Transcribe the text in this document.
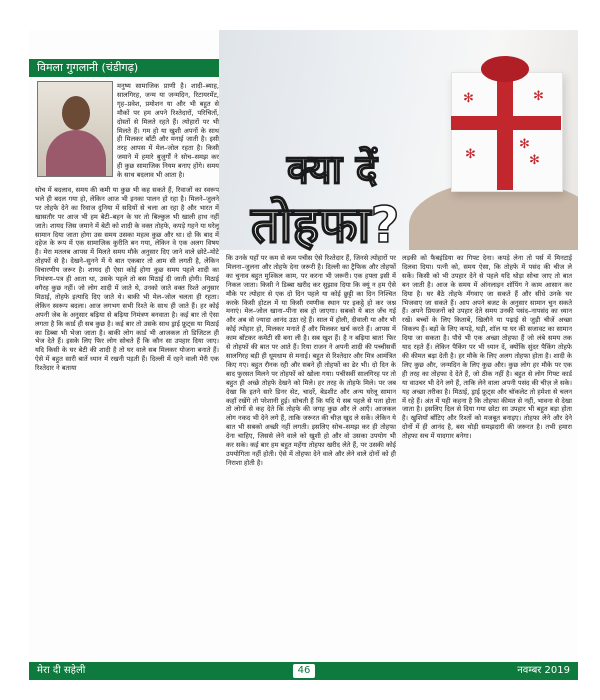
✻	✻
✻	✻
✻
क्या दें
तोहफा?
विमला गुगलानी (चंडीगढ़)

मनुष्य सामाजिक प्राणी है। शादी–ब्याह, सालगिरह, जन्म या जन्मदिन, रिटायरमेंट, गृह–प्रवेश, प्रमोशन या और भी बहुत से मौकों पर हम अपने रिश्तेदारों, परिचितों, दोस्तों से मिलते रहते हैं। त्योहारों पर भी मिलते हैं। गम हो या खुशी अपनों के साथ ही मिलकर बाँटी और मनाई जाती है। इसी तरह आपस में मेल–जोल रहता है। किसी जमाने में हमारे बुजुर्गों ने सोच–समझ कर ही कुछ सामाजिक नियम बनाए होंगे। समय के साथ बदलाव भी आता है।

सोच में बदलाव, समय की कमी या कुछ भी कह सकते हैं, रिवाजों का स्वरूप भले ही बदल गया हो, लेकिन आज भी इनका पालन हो रहा है। मिलने–जुलने पर तोहफे देने का रिवाज दुनिया में सदियों से चला आ रहा है और भारत में खासतौर पर आज भी हम बेटी–बहन के घर तो बिल्कुल भी खाली हाथ नहीं जाते। शायद जिस जमाने में बेटी को शादी के वक्त तोहफे, कपड़े गहने या घरेलू सामान दिया जाता होगा उस समय उसका महत्व कुछ और था। दो कि बाद में दहेज के रूप में एक सामाजिक कुरीति बन गया, लेकिन वे एक अलग विषय है। मेरा मतलब आपस में मिलते समय मौके अनुसार दिए जाने वाले छोटे–मोटे तोहफों से है। देखने–सुनने में ये बात एकबार तो आम सी लगती है, लेकिन विचारणीय जरूर है। शायद ही ऐसा कोई होगा कुछ समय पहले शादी का निमंत्रण–पत्र ही आता था, उसके पहले तो बस मिठाई दी जाती होगी। मिठाई वगैरह कुछ नहीं। जो लोग शादी में जाते थे, उनको जाते वक्त रिश्ते अनुसार मिठाई, तोहफे इत्यादि दिए जाते थे। बाकी भी मेल–जोल चलता ही रहता। लेकिन स्वरूप बदला। आज लगभग सभी रिश्ते के साथ ही जाते हैं। हर कोई अपनी जेब के अनुसार बढ़िया से बढ़िया निमंत्रण बनवाता है। कई बार तो ऐसा लगता है कि कार्ड ही सब कुछ है। कई बार तो उसके साथ ड्राई फ्रूट्स या मिठाई का डिब्बा भी भेजा जाता है। बाकी लोग कार्ड भी आजकल तो डिजिटल ही भेज देते हैं। इसके लिए फिर लोग सोचते हैं कि कौन सा उपहार दिया जाए। यदि किसी के घर बेटी की शादी है तो घर वाले सब मिलकर योजना बनाते हैं। ऐसे में बहुत सारी बातें ध्यान में रखनी पड़ती हैं। दिल्ली में रहने वाली मेरी एक रिश्तेदार ने बताया

कि उनके यहाँ पर कम से कम पचीस ऐसे रिश्तेदार हैं, जिनसे त्योहारों पर मिलना–जुलना और तोहफे देना जरूरी है। दिल्ली का ट्रैफिक और तोहफों का चुनाव बहुत मुश्किल काम, पर करना भी जरूरी। एक हफ्ता इसी में निकल जाता। किसी ने डिब्बा खरीद कर सुझाव दिया कि क्यूं न हम ऐसे मौके पर त्योहार से एक दो दिन पहले या कोई छुट्टी का दिन निश्चित करके किसी होटल में या किसी रमणीक स्थान पर इकट्ठे हो कर जश्न मनाएं। मेल–जोल खाना–पीना सब हो जाएगा। सबको ये बात जँच गई और अब वो ज्यादा आनंद उठा रहे हैं। साल में होली, दीवाली या और भी कोई त्योहार हो, मिलकर मनाते हैं और मिलकर खर्च करते हैं। आपस में काम बाँटकर कमेटी सी बना ली है। सब खुश हैं। है न बढ़िया बात! फिर से तोहफों की बात पर आते हैं। रिया राजन ने अपनी शादी की पच्चीसवीं सालगिरह बड़ी ही धूमधाम से मनाई। बहुत से रिश्तेदार और मित्र आमंत्रित किए गए। बहुत रौनक रही और सबने ही तोहफों का ढेर भी। दो दिन के बाद फुरसत मिलने पर तोहफों को खोला गया। पचीसवीं सालगिरह पर तो बहुत ही अच्छे तोहफे देखने को मिले। हर तरह के तोहफे मिले। पर जब देखा कि इतने सारे डिनर सेट, चादरें, बेडशीट और अन्य घरेलू सामान कहाँ रखेंगे तो परेशानी हुई। सोचती हैं कि यदि ये सब पहले से पता होता तो लोगों से कह देते कि तोहफे की जगह कुछ और ले आएँ। आजकल लोग नकद भी देने लगे हैं, ताकि जरूरत की चीज़ खुद ले सकें। लेकिन ये बात भी सबको अच्छी नहीं लगती। इसलिए सोच–समझ कर ही तोहफा देना चाहिए, जिससे लेने वाले को खुशी हो और वो उसका उपयोग भी कर सके। कई बार हम बहुत महँगा तोहफा खरीद लेते हैं, पर उसकी कोई उपयोगिता नहीं होती। ऐसे में तोहफा देने वाले और लेने वाले दोनों को ही निराशा होती है।

लड़की को फैबइंडिया का गिफ्ट देना। कपड़े लेना तो पर्स में मिनटाई दिलवा दिया। पत्नी को, समय ऐसा, कि तोहफे में पसंद की चीज ले सकें। किसी को भी उपहार देने से पहले यदि थोड़ा सोचा जाए तो बात बन जाती है। आज के समय में ऑनलाइन शॉपिंग ने काम आसान कर दिया है। घर बैठे तोहफे मँगवाए जा सकते हैं और सीधे उनके घर भिजवाए जा सकते हैं। आप अपने बजट के अनुसार सामान चुन सकते हैं। अपने प्रियजनों को उपहार देते समय उनकी पसंद–नापसंद का ध्यान रखें। बच्चों के लिए किताबें, खिलौने या पढ़ाई से जुड़ी चीजें अच्छा विकल्प हैं। बड़ों के लिए कपड़े, घड़ी, शॉल या घर की सजावट का सामान दिया जा सकता है। पौधे भी एक अच्छा तोहफा हैं जो लंबे समय तक याद रहते हैं। लेकिन पैकिंग पर भी ध्यान दें, क्योंकि सुंदर पैकिंग तोहफे की कीमत बढ़ा देती है। हर मौके के लिए अलग तोहफा होता है। शादी के लिए कुछ और, जन्मदिन के लिए कुछ और। कुछ लोग हर मौके पर एक ही तरह का तोहफा दे देते हैं, जो ठीक नहीं है। बहुत से लोग गिफ्ट कार्ड या वाउचर भी देने लगे हैं, ताकि लेने वाला अपनी पसंद की चीज़ ले सके। यह अच्छा तरीका है। मिठाई, ड्राई फ्रूट्स और चॉकलेट तो हमेशा से चलन में रहे हैं। अंत में यही कहना है कि तोहफा कीमत से नहीं, भावना से देखा जाता है। इसलिए दिल से दिया गया छोटा सा उपहार भी बहुत बड़ा होता है। खुशियाँ बाँटिए और रिश्तों को मजबूत बनाइए। तोहफा लेने और देने दोनों में ही आनंद है, बस थोड़ी समझदारी की जरूरत है। तभी हमारा तोहफा सच में यादगार बनेगा।

मेरा दी सहेली	46	नवम्बर 2019
